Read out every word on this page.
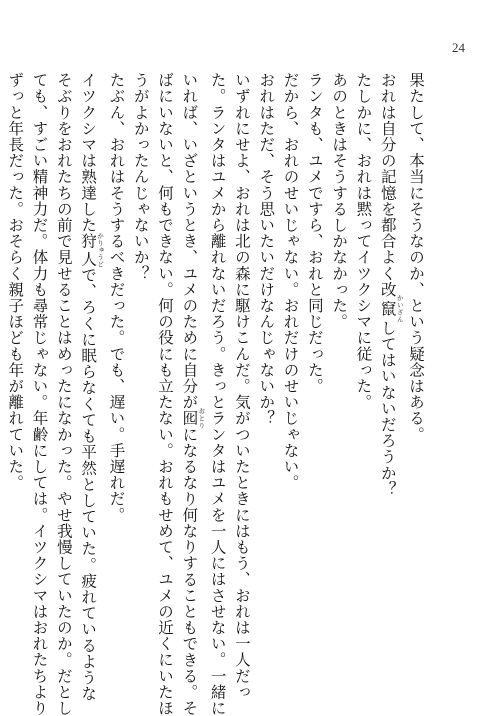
24
果たして、本当にそうなのか、という疑念はある。
おれは自分の記憶を都合よく改竄 かいざんしてはいないだろうか？
たしかに、おれは黙ってイツクシマに従った。
あのときはそうするしかなかった。
ランタも、ユメですら、おれと同じだった。
だから、おれのせいじゃない。おれだけのせいじゃない。
おれはただ、そう思いたいだけなんじゃないか？
いずれにせよ、おれは北の森に駆けこんだ。気がついたときにはもう、おれは一人だっ
た。ランタはユメから離れないだろう。きっとランタはユメを一人にはさせない。一緒に
いれば、いざというとき、ユメのために自分が囮 おとりになるなり何なりすることもできる。そ
ばにいないと、何もできない。何の役にも立たない。おれもせめて、ユメの近くにいたほ
うがよかったんじゃないか？
たぶん、おれはそうするべきだった。でも、遅い。手遅れだ。
イツクシマは熟達した狩人 かりゅうどで、ろくに眠らなくても平然としていた。疲れているような
そぶりをおれたちの前で見せることはめったになかった。やせ我慢していたのか。だとし
ても、すごい精神力だ。体力も尋常じゃない。年齢にしては。イツクシマはおれたちより
ずっと年長だった。おそらく親子ほども年が離れていた。
